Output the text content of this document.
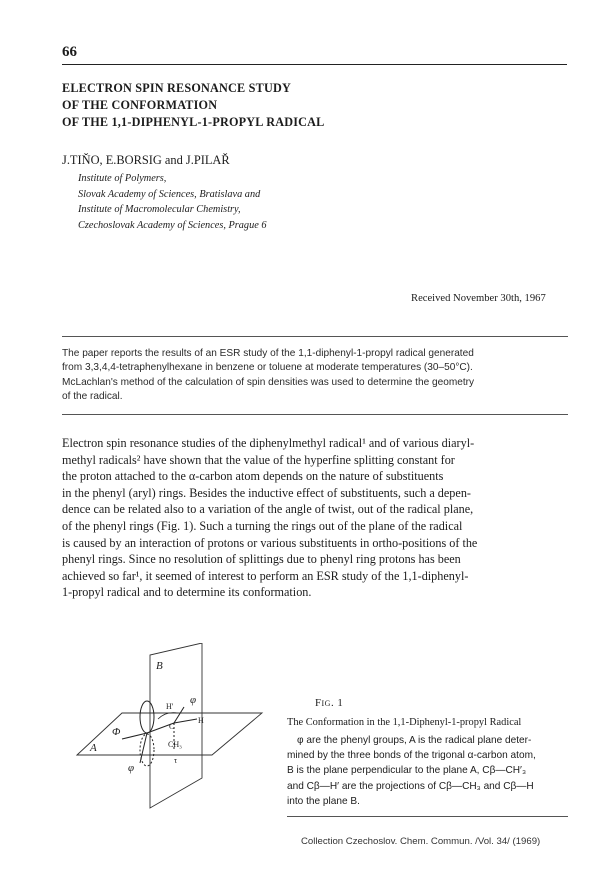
66
ELECTRON SPIN RESONANCE STUDY
OF THE CONFORMATION
OF THE 1,1-DIPHENYL-1-PROPYL RADICAL
J.TIŇO, E.BORSIG and J.PILAŘ
Institute of Polymers,
Slovak Academy of Sciences, Bratislava and
Institute of Macromolecular Chemistry,
Czechoslovak Academy of Sciences, Prague 6
Received November 30th, 1967
The paper reports the results of an ESR study of the 1,1-diphenyl-1-propyl radical generated
from 3,3,4,4-tetraphenylhexane in benzene or toluene at moderate temperatures (30–50°C).
McLachlan's method of the calculation of spin densities was used to determine the geometry
of the radical.
Electron spin resonance studies of the diphenylmethyl radical¹ and of various diaryl-
methyl radicals² have shown that the value of the hyperfine splitting constant for
the proton attached to the α-carbon atom depends on the nature of substituents
in the phenyl (aryl) rings. Besides the inductive effect of substituents, such a depen-
dence can be related also to a variation of the angle of twist, out of the radical plane,
of the phenyl rings (Fig. 1). Such a turning the rings out of the plane of the radical
is caused by an interaction of protons or various substituents in ortho-positions of the
phenyl rings. Since no resolution of splittings due to phenyl ring protons has been
achieved so far¹, it seemed of interest to perform an ESR study of the 1,1-diphenyl-
1-propyl radical and to determine its conformation.
B
A
Φ
φ
φ
H'
H
C
CH₃
τ
Fig. 1
The Conformation in the 1,1-Diphenyl-1-propyl Radical
φ are the phenyl groups, A is the radical plane deter-
mined by the three bonds of the trigonal α-carbon atom,
B is the plane perpendicular to the plane A, Cβ—CH′₃
and Cβ—H′ are the projections of Cβ—CH₃ and Cβ—H
into the plane B.
Collection Czechoslov. Chem. Commun. /Vol. 34/ (1969)
